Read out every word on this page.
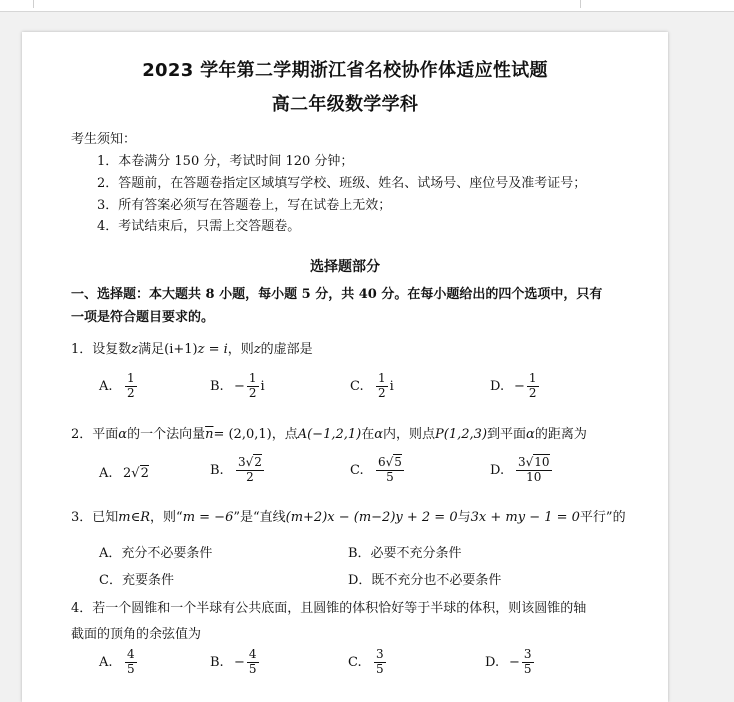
2023 学年第二学期浙江省名校协作体适应性试题
高二年级数学学科
考生须知：
1．本卷满分 150 分，考试时间 120 分钟；
2．答题前，在答题卷指定区域填写学校、班级、姓名、试场号、座位号及准考证号；
3．所有答案必须写在答题卷上，写在试卷上无效；
4．考试结束后，只需上交答题卷。
选择题部分
一、选择题：本大题共 8 小题，每小题 5 分，共 40 分。在每小题给出的四个选项中，只有
一项是符合题目要求的。
1．设复数z满足(i+1)z = i，则z的虚部是
A. $\frac{1}{2}$	B. − $\frac{1}{2}$ i	C. $\frac{1}{2}$ i	D. − $\frac{1}{2}$
2．平面α的一个法向量$\overline{n}= (2,0,1)$，点A(−1,2,1)在α内，则点P(1,2,3)到平面α的距离为
A. 2√2	B. $\frac{3√2}{2}$	C. $\frac{6√5}{5}$	D. $\frac{3√10}{10}$
3．已知m∈R，则“m = −6”是“直线(m+2)x − (m−2)y + 2 = 0与3x + my − 1 = 0平行”的
A．充分不必要条件	B．必要不充分条件
C．充要条件	D．既不充分也不必要条件
4．若一个圆锥和一个半球有公共底面，且圆锥的体积恰好等于半球的体积，则该圆锥的轴
截面的顶角的余弦值为
A. $\frac{4}{5}$	B. − $\frac{4}{5}$	C. $\frac{3}{5}$	D. − $\frac{3}{5}$
